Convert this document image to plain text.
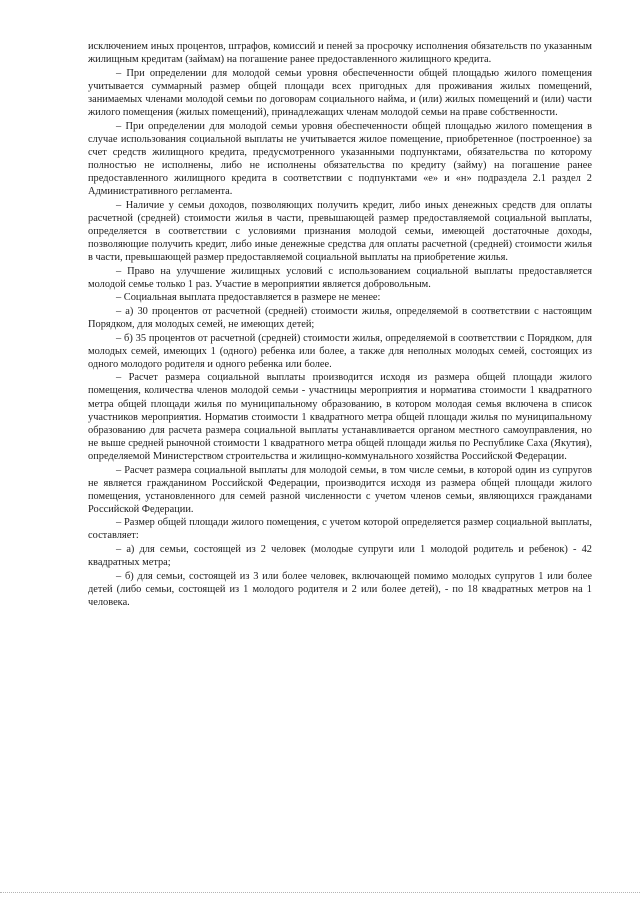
исключением иных процентов, штрафов, комиссий и пеней за просрочку исполнения обязательств по указанным жилищным кредитам (займам) на погашение ранее предоставленного жилищного кредита.

– При определении для молодой семьи уровня обеспеченности общей площадью жилого помещения учитывается суммарный размер общей площади всех пригодных для проживания жилых помещений, занимаемых членами молодой семьи по договорам социального найма, и (или) жилых помещений и (или) части жилого помещения (жилых помещений), принадлежащих членам молодой семьи на праве собственности.

– При определении для молодой семьи уровня обеспеченности общей площадью жилого помещения в случае использования социальной выплаты не учитывается жилое помещение, приобретенное (построенное) за счет средств жилищного кредита, предусмотренного указанными подпунктами, обязательства по которому полностью не исполнены, либо не исполнены обязательства по кредиту (займу) на погашение ранее предоставленного жилищного кредита в соответствии с подпунктами «е» и «н» подраздела 2.1 раздел 2 Административного регламента.

– Наличие у семьи доходов, позволяющих получить кредит, либо иных денежных средств для оплаты расчетной (средней) стоимости жилья в части, превышающей размер предоставляемой социальной выплаты, определяется в соответствии с условиями признания молодой семьи, имеющей достаточные доходы, позволяющие получить кредит, либо иные денежные средства для оплаты расчетной (средней) стоимости жилья в части, превышающей размер предоставляемой социальной выплаты на приобретение жилья.

– Право на улучшение жилищных условий с использованием социальной выплаты предоставляется молодой семье только 1 раз. Участие в мероприятии является добровольным.

– Социальная выплата предоставляется в размере не менее:

– а) 30 процентов от расчетной (средней) стоимости жилья, определяемой в соответствии с настоящим Порядком, для молодых семей, не имеющих детей;

– б) 35 процентов от расчетной (средней) стоимости жилья, определяемой в соответствии с Порядком, для молодых семей, имеющих 1 (одного) ребенка или более, а также для неполных молодых семей, состоящих из одного молодого родителя и одного ребенка или более.

– Расчет размера социальной выплаты производится исходя из размера общей площади жилого помещения, количества членов молодой семьи - участницы мероприятия и норматива стоимости 1 квадратного метра общей площади жилья по муниципальному образованию, в котором молодая семья включена в список участников мероприятия. Норматив стоимости 1 квадратного метра общей площади жилья по муниципальному образованию для расчета размера социальной выплаты устанавливается органом местного самоуправления, но не выше средней рыночной стоимости 1 квадратного метра общей площади жилья по Республике Саха (Якутия), определяемой Министерством строительства и жилищно-коммунального хозяйства Российской Федерации.

– Расчет размера социальной выплаты для молодой семьи, в том числе семьи, в которой один из супругов не является гражданином Российской Федерации, производится исходя из размера общей площади жилого помещения, установленного для семей разной численности с учетом членов семьи, являющихся гражданами Российской Федерации.

– Размер общей площади жилого помещения, с учетом которой определяется размер социальной выплаты, составляет:

– а) для семьи, состоящей из 2 человек (молодые супруги или 1 молодой родитель и ребенок) - 42 квадратных метра;

– б) для семьи, состоящей из 3 или более человек, включающей помимо молодых супругов 1 или более детей (либо семьи, состоящей из 1 молодого родителя и 2 или более детей), - по 18 квадратных метров на 1 человека.
